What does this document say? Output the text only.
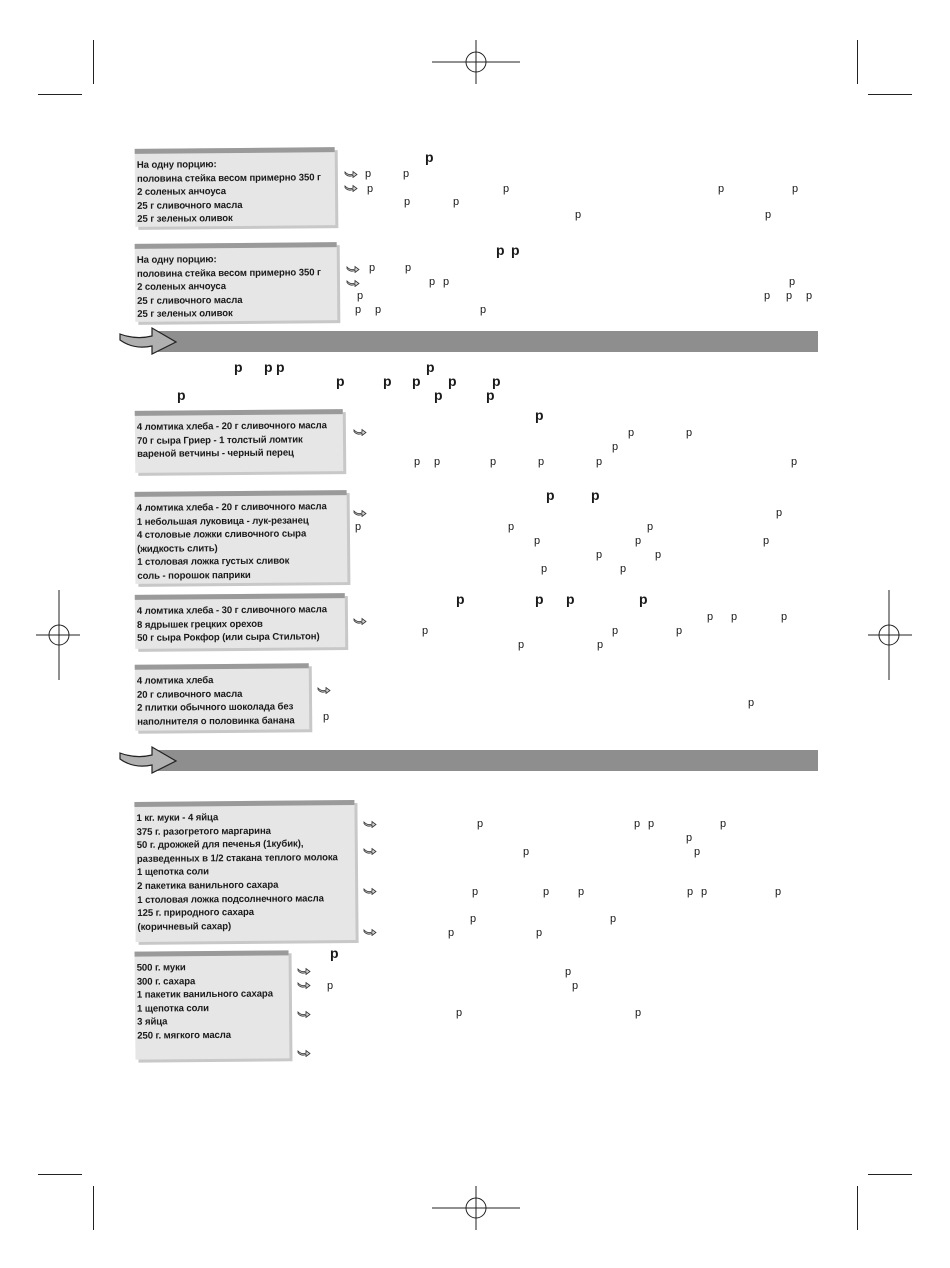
На одну порцию:
половина стейка весом примерно 350 г
2 соленых анчоуса
25 г сливочного масла
25 г зеленых оливок
На одну порцию:
половина стейка весом примерно 350 г
2 соленых анчоуса
25 г сливочного масла
25 г зеленых оливок
4 ломтика хлеба - 20 г сливочного масла
70 г сыра Гриер - 1 толстый ломтик
вареной ветчины - черный перец
4 ломтика хлеба - 20 г сливочного масла
1 небольшая луковица - лук-резанец
4 столовые ложки сливочного сыра
(жидкость слить)
1 столовая ложка густых сливок
соль - порошок паприки
4 ломтика хлеба - 30 г сливочного масла
8 ядрышек грецких орехов
50 г сыра Рокфор (или сыра Стильтон)
4 ломтика хлеба
20 г сливочного масла
2 плитки обычного шоколада без
наполнителя о половинка банана
1 кг. муки - 4 яйца
375 г. разогретого маргарина
50 г. дрожжей для печенья (1кубик),
разведенных в 1/2 стакана теплого молока
1 щепотка соли
2 пакетика ванильного сахара
1 столовая ложка подсолнечного масла
125 г. природного сахара
(коричневый сахар)
500 г. муки
300 г. сахара
1 пакетик ванильного сахара
1 щепотка соли
3 яйца
250 г. мягкого масла
р
р	р
р	р	р	р
р	р
р	р
р р
р	р
р р	р
р	р р р
р р	р
р р р	р
р	р р р	р
р	р	р
р
р	р
р
р р	р	р	р	р
р	р
р
р	р	р
р	р	р
р	р
р	р
р	р р	р
р р	р
р	р	р
р	р
р
р
р	р р	р
р
р	р
р	р	р	р р	р
р	р
р	р
р
р
р	р
р	р
